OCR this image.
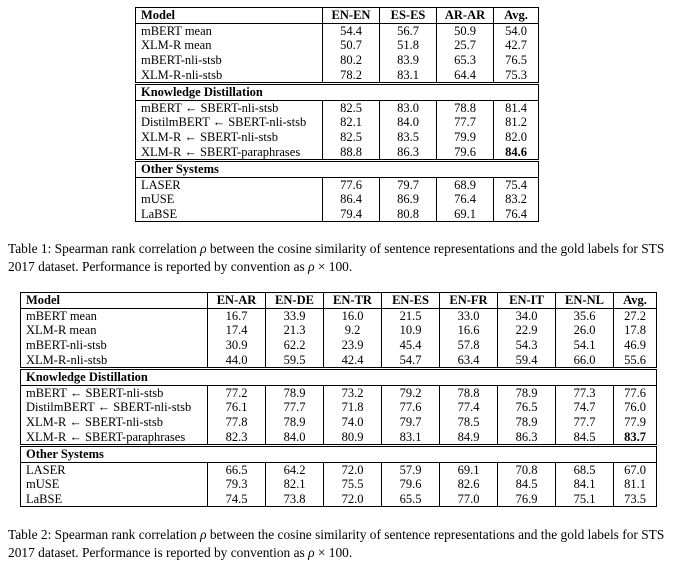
Model	EN-EN	ES-ES	AR-AR	Avg.
mBERT mean	54.4	56.7	50.9	54.0
XLM-R mean	50.7	51.8	25.7	42.7
mBERT-nli-stsb	80.2	83.9	65.3	76.5
XLM-R-nli-stsb	78.2	83.1	64.4	75.3
Knowledge Distillation				
mBERT ← SBERT-nli-stsb	82.5	83.0	78.8	81.4
DistilmBERT ← SBERT-nli-stsb	82.1	84.0	77.7	81.2
XLM-R ← SBERT-nli-stsb	82.5	83.5	79.9	82.0
XLM-R ← SBERT-paraphrases	88.8	86.3	79.6	84.6
Other Systems				
LASER	77.6	79.7	68.9	75.4
mUSE	86.4	86.9	76.4	83.2
LaBSE	79.4	80.8	69.1	76.4

Table 1: Spearman rank correlation ρ between the cosine similarity of sentence representations and the gold labels for STS 2017 dataset. Performance is reported by convention as ρ × 100.

Model	EN-AR	EN-DE	EN-TR	EN-ES	EN-FR	EN-IT	EN-NL	Avg.
mBERT mean	16.7	33.9	16.0	21.5	33.0	34.0	35.6	27.2
XLM-R mean	17.4	21.3	9.2	10.9	16.6	22.9	26.0	17.8
mBERT-nli-stsb	30.9	62.2	23.9	45.4	57.8	54.3	54.1	46.9
XLM-R-nli-stsb	44.0	59.5	42.4	54.7	63.4	59.4	66.0	55.6
Knowledge Distillation								
mBERT ← SBERT-nli-stsb	77.2	78.9	73.2	79.2	78.8	78.9	77.3	77.6
DistilmBERT ← SBERT-nli-stsb	76.1	77.7	71.8	77.6	77.4	76.5	74.7	76.0
XLM-R ← SBERT-nli-stsb	77.8	78.9	74.0	79.7	78.5	78.9	77.7	77.9
XLM-R ← SBERT-paraphrases	82.3	84.0	80.9	83.1	84.9	86.3	84.5	83.7
Other Systems								
LASER	66.5	64.2	72.0	57.9	69.1	70.8	68.5	67.0
mUSE	79.3	82.1	75.5	79.6	82.6	84.5	84.1	81.1
LaBSE	74.5	73.8	72.0	65.5	77.0	76.9	75.1	73.5

Table 2: Spearman rank correlation ρ between the cosine similarity of sentence representations and the gold labels for STS 2017 dataset. Performance is reported by convention as ρ × 100.
